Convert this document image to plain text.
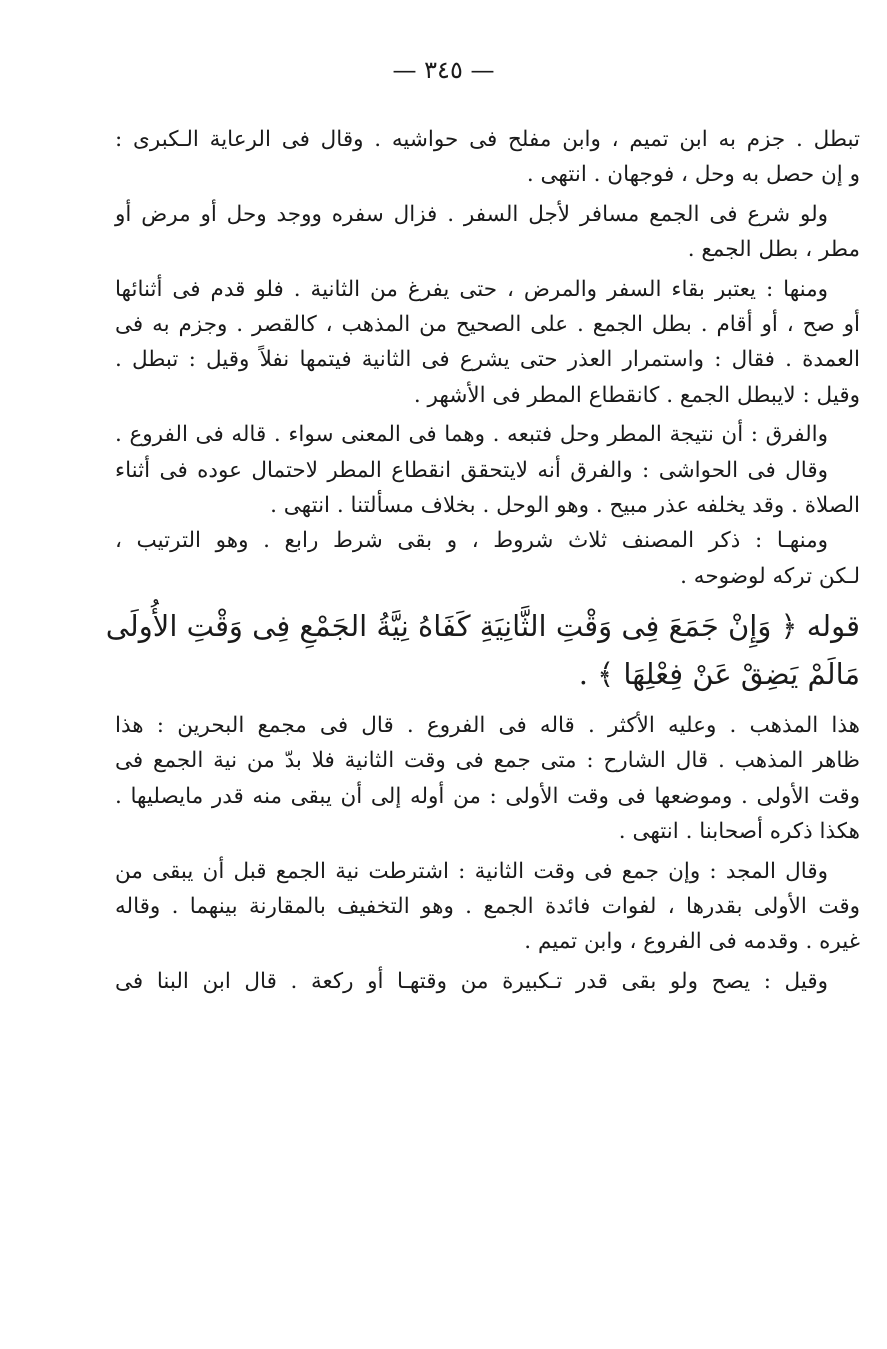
— ٣٤٥ —
تبطل . جزم به ابن تميم ، وابن مفلح فى حواشيه . وقال فى الرعاية الـكبرى :
و إن حصل به وحل ، فوجهان . انتهى .
ولو شرع فى الجمع مسافر لأجل السفر . فزال سفره ووجد وحل أو مرض أو
مطر ، بطل الجمع .
ومنها : يعتبر بقاء السفر والمرض ، حتى يفرغ من الثانية . فلو قدم فى أثنائها
أو صح ، أو أقام . بطل الجمع . على الصحيح من المذهب ، كالقصر . وجزم به فى
العمدة . فقال : واستمرار العذر حتى يشرع فى الثانية فيتمها نفلاً وقيل : تبطل .
وقيل : لايبطل الجمع . كانقطاع المطر فى الأشهر .
والفرق : أن نتيجة المطر وحل فتبعه . وهما فى المعنى سواء . قاله فى الفروع .
وقال فى الحواشى : والفرق أنه لايتحقق انقطاع المطر لاحتمال عوده فى أثناء
الصلاة . وقد يخلفه عذر مبيح . وهو الوحل . بخلاف مسألتنا . انتهى .
ومنهـا : ذكر المصنف ثلاث شروط ، و بقى شرط رابع . وهو الترتيب ،
لـكن تركه لوضوحه .
قوله ﴿ وَإِنْ جَمَعَ فِى وَقْتِ الثَّانِيَةِ كَفَاهُ نِيَّةُ الجَمْعِ فِى وَقْتِ الأُولَى
مَالَمْ يَضِقْ عَنْ فِعْلِهَا ﴾ .
هذا المذهب . وعليه الأكثر . قاله فى الفروع . قال فى مجمع البحرين : هذا
ظاهر المذهب . قال الشارح : متى جمع فى وقت الثانية فلا بدّ من نية الجمع فى
وقت الأولى . وموضعها فى وقت الأولى : من أوله إلى أن يبقى منه قدر مايصليها .
هكذا ذكره أصحابنا . انتهى .
وقال المجد : وإن جمع فى وقت الثانية : اشترطت نية الجمع قبل أن يبقى من
وقت الأولى بقدرها ، لفوات فائدة الجمع . وهو التخفيف بالمقارنة بينهما . وقاله
غيره . وقدمه فى الفروع ، وابن تميم .
وقيل : يصح ولو بقى قدر تـكبيرة من وقتهـا أو ركعة . قال ابن البنا فى
